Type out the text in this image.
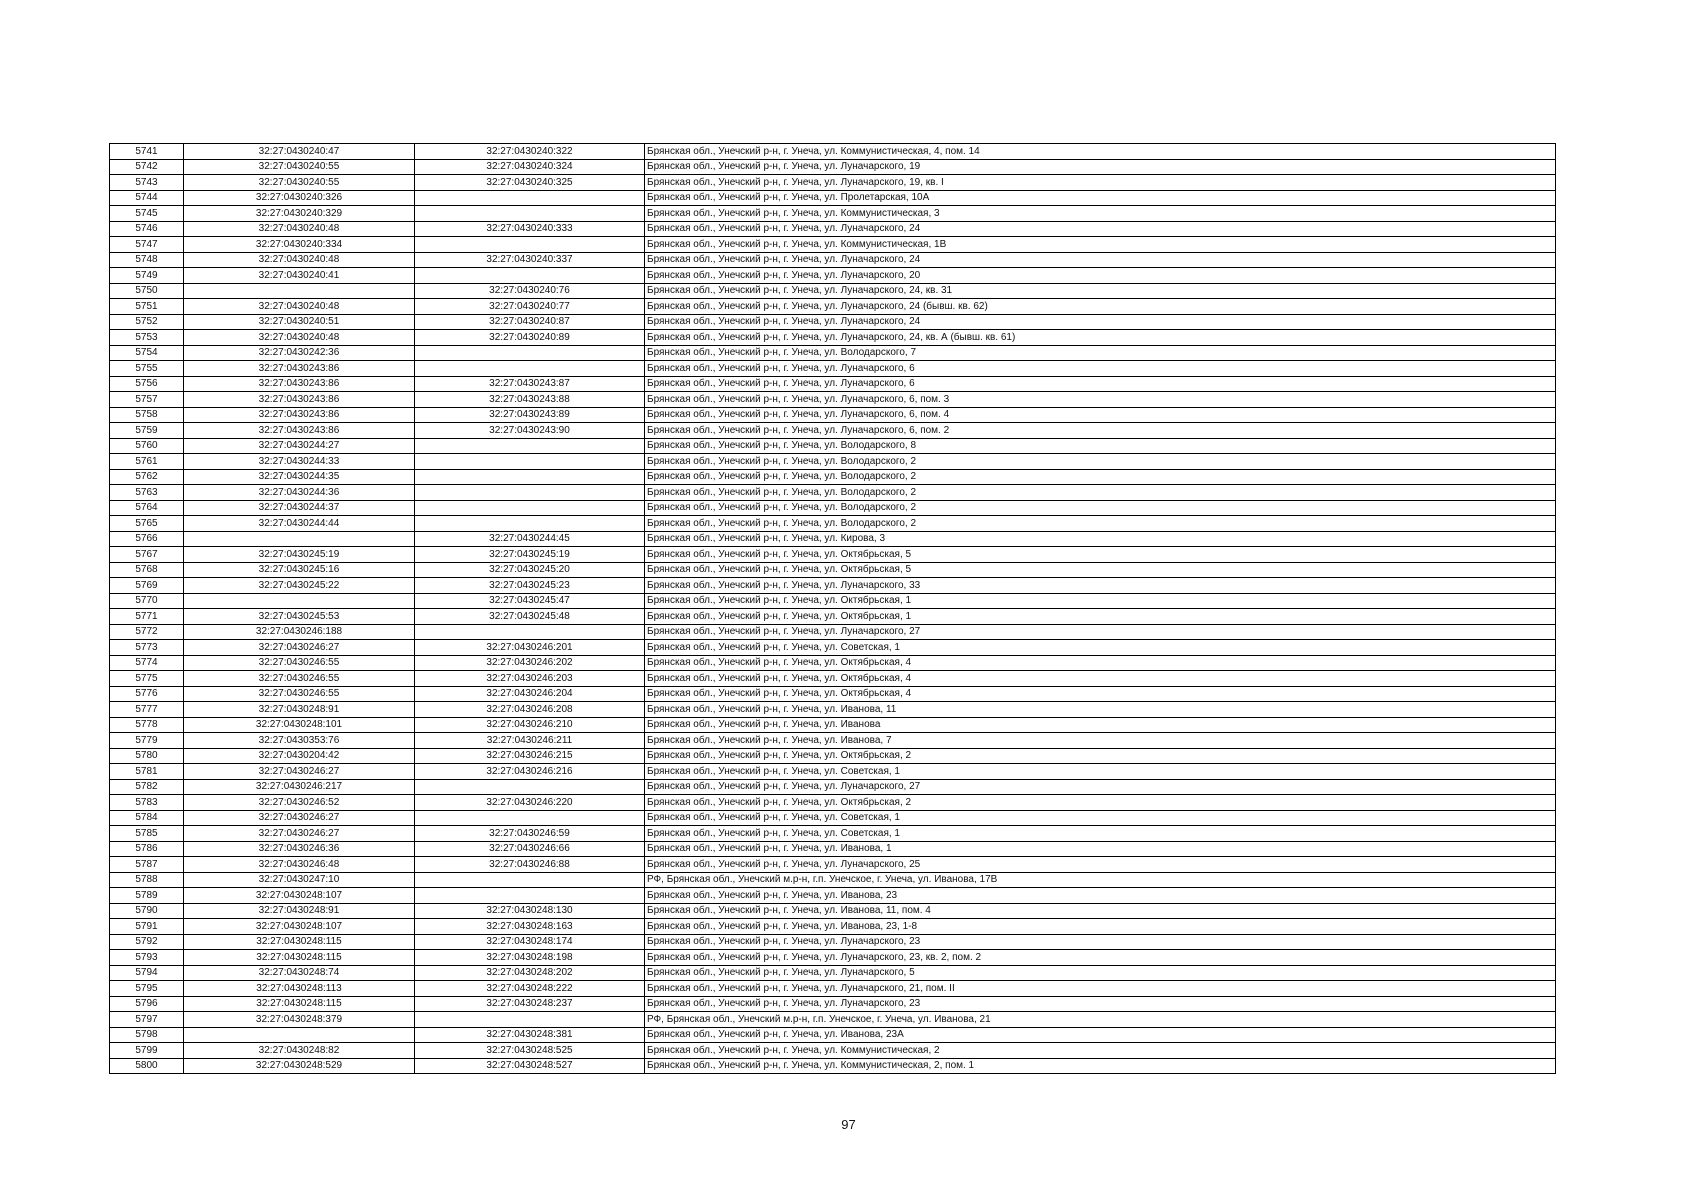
5741	32:27:0430240:47	32:27:0430240:322	Брянская обл., Унечский р-н, г. Унеча, ул. Коммунистическая, 4, пом. 14
5742	32:27:0430240:55	32:27:0430240:324	Брянская обл., Унечский р-н, г. Унеча, ул. Луначарского, 19
5743	32:27:0430240:55	32:27:0430240:325	Брянская обл., Унечский р-н, г. Унеча, ул. Луначарского, 19, кв. I
5744	32:27:0430240:326		Брянская обл., Унечский р-н, г. Унеча, ул. Пролетарская, 10А
5745	32:27:0430240:329		Брянская обл., Унечский р-н, г. Унеча, ул. Коммунистическая, 3
5746	32:27:0430240:48	32:27:0430240:333	Брянская обл., Унечский р-н, г. Унеча, ул. Луначарского, 24
5747	32:27:0430240:334		Брянская обл., Унечский р-н, г. Унеча, ул. Коммунистическая, 1В
5748	32:27:0430240:48	32:27:0430240:337	Брянская обл., Унечский р-н, г. Унеча, ул. Луначарского, 24
5749	32:27:0430240:41		Брянская обл., Унечский р-н, г. Унеча, ул. Луначарского, 20
5750		32:27:0430240:76	Брянская обл., Унечский р-н, г. Унеча, ул. Луначарского, 24, кв. 31
5751	32:27:0430240:48	32:27:0430240:77	Брянская обл., Унечский р-н, г. Унеча, ул. Луначарского, 24 (бывш. кв. 62)
5752	32:27:0430240:51	32:27:0430240:87	Брянская обл., Унечский р-н, г. Унеча, ул. Луначарского, 24
5753	32:27:0430240:48	32:27:0430240:89	Брянская обл., Унечский р-н, г. Унеча, ул. Луначарского, 24, кв. А (бывш. кв. 61)
5754	32:27:0430242:36		Брянская обл., Унечский р-н, г. Унеча, ул. Володарского, 7
5755	32:27:0430243:86		Брянская обл., Унечский р-н, г. Унеча, ул. Луначарского, 6
5756	32:27:0430243:86	32:27:0430243:87	Брянская обл., Унечский р-н, г. Унеча, ул. Луначарского, 6
5757	32:27:0430243:86	32:27:0430243:88	Брянская обл., Унечский р-н, г. Унеча, ул. Луначарского, 6, пом. 3
5758	32:27:0430243:86	32:27:0430243:89	Брянская обл., Унечский р-н, г. Унеча, ул. Луначарского, 6, пом. 4
5759	32:27:0430243:86	32:27:0430243:90	Брянская обл., Унечский р-н, г. Унеча, ул. Луначарского, 6, пом. 2
5760	32:27:0430244:27		Брянская обл., Унечский р-н, г. Унеча, ул. Володарского, 8
5761	32:27:0430244:33		Брянская обл., Унечский р-н, г. Унеча, ул. Володарского, 2
5762	32:27:0430244:35		Брянская обл., Унечский р-н, г. Унеча, ул. Володарского, 2
5763	32:27:0430244:36		Брянская обл., Унечский р-н, г. Унеча, ул. Володарского, 2
5764	32:27:0430244:37		Брянская обл., Унечский р-н, г. Унеча, ул. Володарского, 2
5765	32:27:0430244:44		Брянская обл., Унечский р-н, г. Унеча, ул. Володарского, 2
5766		32:27:0430244:45	Брянская обл., Унечский р-н, г. Унеча, ул. Кирова, 3
5767	32:27:0430245:19	32:27:0430245:19	Брянская обл., Унечский р-н, г. Унеча, ул. Октябрьская, 5
5768	32:27:0430245:16	32:27:0430245:20	Брянская обл., Унечский р-н, г. Унеча, ул. Октябрьская, 5
5769	32:27:0430245:22	32:27:0430245:23	Брянская обл., Унечский р-н, г. Унеча, ул. Луначарского, 33
5770		32:27:0430245:47	Брянская обл., Унечский р-н, г. Унеча, ул. Октябрьская, 1
5771	32:27:0430245:53	32:27:0430245:48	Брянская обл., Унечский р-н, г. Унеча, ул. Октябрьская, 1
5772	32:27:0430246:188		Брянская обл., Унечский р-н, г. Унеча, ул. Луначарского, 27
5773	32:27:0430246:27	32:27:0430246:201	Брянская обл., Унечский р-н, г. Унеча, ул. Советская, 1
5774	32:27:0430246:55	32:27:0430246:202	Брянская обл., Унечский р-н, г. Унеча, ул. Октябрьская, 4
5775	32:27:0430246:55	32:27:0430246:203	Брянская обл., Унечский р-н, г. Унеча, ул. Октябрьская, 4
5776	32:27:0430246:55	32:27:0430246:204	Брянская обл., Унечский р-н, г. Унеча, ул. Октябрьская, 4
5777	32:27:0430248:91	32:27:0430246:208	Брянская обл., Унечский р-н, г. Унеча, ул. Иванова, 11
5778	32:27:0430248:101	32:27:0430246:210	Брянская обл., Унечский р-н, г. Унеча, ул. Иванова
5779	32:27:0430353:76	32:27:0430246:211	Брянская обл., Унечский р-н, г. Унеча, ул. Иванова, 7
5780	32:27:0430204:42	32:27:0430246:215	Брянская обл., Унечский р-н, г. Унеча, ул. Октябрьская, 2
5781	32:27:0430246:27	32:27:0430246:216	Брянская обл., Унечский р-н, г. Унеча, ул. Советская, 1
5782	32:27:0430246:217		Брянская обл., Унечский р-н, г. Унеча, ул. Луначарского, 27
5783	32:27:0430246:52	32:27:0430246:220	Брянская обл., Унечский р-н, г. Унеча, ул. Октябрьская, 2
5784	32:27:0430246:27		Брянская обл., Унечский р-н, г. Унеча, ул. Советская, 1
5785	32:27:0430246:27	32:27:0430246:59	Брянская обл., Унечский р-н, г. Унеча, ул. Советская, 1
5786	32:27:0430246:36	32:27:0430246:66	Брянская обл., Унечский р-н, г. Унеча, ул. Иванова, 1
5787	32:27:0430246:48	32:27:0430246:88	Брянская обл., Унечский р-н, г. Унеча, ул. Луначарского, 25
5788	32:27:0430247:10		РФ, Брянская обл., Унечский м.р-н, г.п. Унечское, г. Унеча, ул. Иванова, 17В
5789	32:27:0430248:107		Брянская обл., Унечский р-н, г. Унеча, ул. Иванова, 23
5790	32:27:0430248:91	32:27:0430248:130	Брянская обл., Унечский р-н, г. Унеча, ул. Иванова, 11, пом. 4
5791	32:27:0430248:107	32:27:0430248:163	Брянская обл., Унечский р-н, г. Унеча, ул. Иванова, 23, 1-8
5792	32:27:0430248:115	32:27:0430248:174	Брянская обл., Унечский р-н, г. Унеча, ул. Луначарского, 23
5793	32:27:0430248:115	32:27:0430248:198	Брянская обл., Унечский р-н, г. Унеча, ул. Луначарского, 23, кв. 2, пом. 2
5794	32:27:0430248:74	32:27:0430248:202	Брянская обл., Унечский р-н, г. Унеча, ул. Луначарского, 5
5795	32:27:0430248:113	32:27:0430248:222	Брянская обл., Унечский р-н, г. Унеча, ул. Луначарского, 21, пом. II
5796	32:27:0430248:115	32:27:0430248:237	Брянская обл., Унечский р-н, г. Унеча, ул. Луначарского, 23
5797	32:27:0430248:379		РФ, Брянская обл., Унечский м.р-н, г.п. Унечское, г. Унеча, ул. Иванова, 21
5798		32:27:0430248:381	Брянская обл., Унечский р-н, г. Унеча, ул. Иванова, 23А
5799	32:27:0430248:82	32:27:0430248:525	Брянская обл., Унечский р-н, г. Унеча, ул. Коммунистическая, 2
5800	32:27:0430248:529	32:27:0430248:527	Брянская обл., Унечский р-н, г. Унеча, ул. Коммунистическая, 2, пом. 1
97
